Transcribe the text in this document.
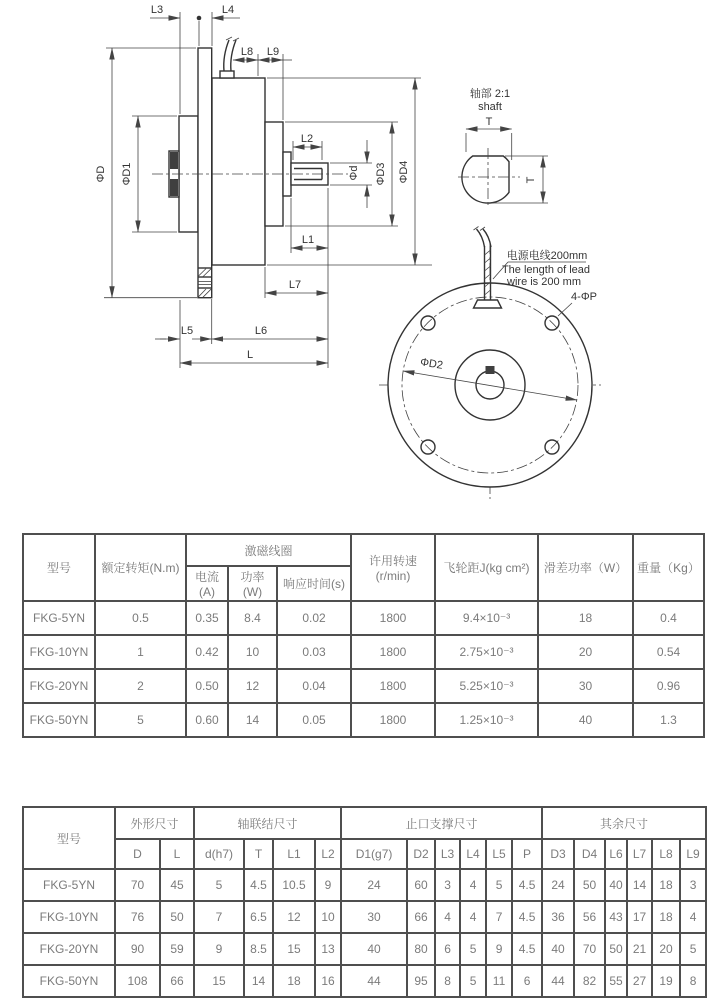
L3	L4
L8 L9
L2
L1
L7
L5	L6
L
ΦD ΦD1	Φd ΦD3 ΦD4
轴部 2:1
shaft
T
T
电源电线200mm
The length of lead
wire is 200 mm
4-ΦP
ΦD2
型号	额定转矩(N.m)	激磁线圈			许用转速(r/min)	飞轮距J(kg cm²)	滑差功率（W）	重量（Kg）
		电流(A)	功率(W)	响应时间(s)				
FKG-5YN	0.5	0.35	8.4	0.02	1800	9.4×10⁻³	18	0.4
FKG-10YN	1	0.42	10	0.03	1800	2.75×10⁻³	20	0.54
FKG-20YN	2	0.50	12	0.04	1800	5.25×10⁻³	30	0.96
FKG-50YN	5	0.60	14	0.05	1800	1.25×10⁻³	40	1.3
型号	外形尺寸		轴联结尺寸				止口支撑尺寸						其余尺寸					
	D	L	d(h7)	T	L1	L2	D1(g7)	D2	L3	L4	L5	P	D3	D4	L6	L7	L8	L9
FKG-5YN	70	45	5	4.5	10.5	9	24	60	3	4	5	4.5	24	50	40	14	18	3
FKG-10YN	76	50	7	6.5	12	10	30	66	4	4	7	4.5	36	56	43	17	18	4
FKG-20YN	90	59	9	8.5	15	13	40	80	6	5	9	4.5	40	70	50	21	20	5
FKG-50YN	108	66	15	14	18	16	44	95	8	5	11	6	44	82	55	27	19	8
